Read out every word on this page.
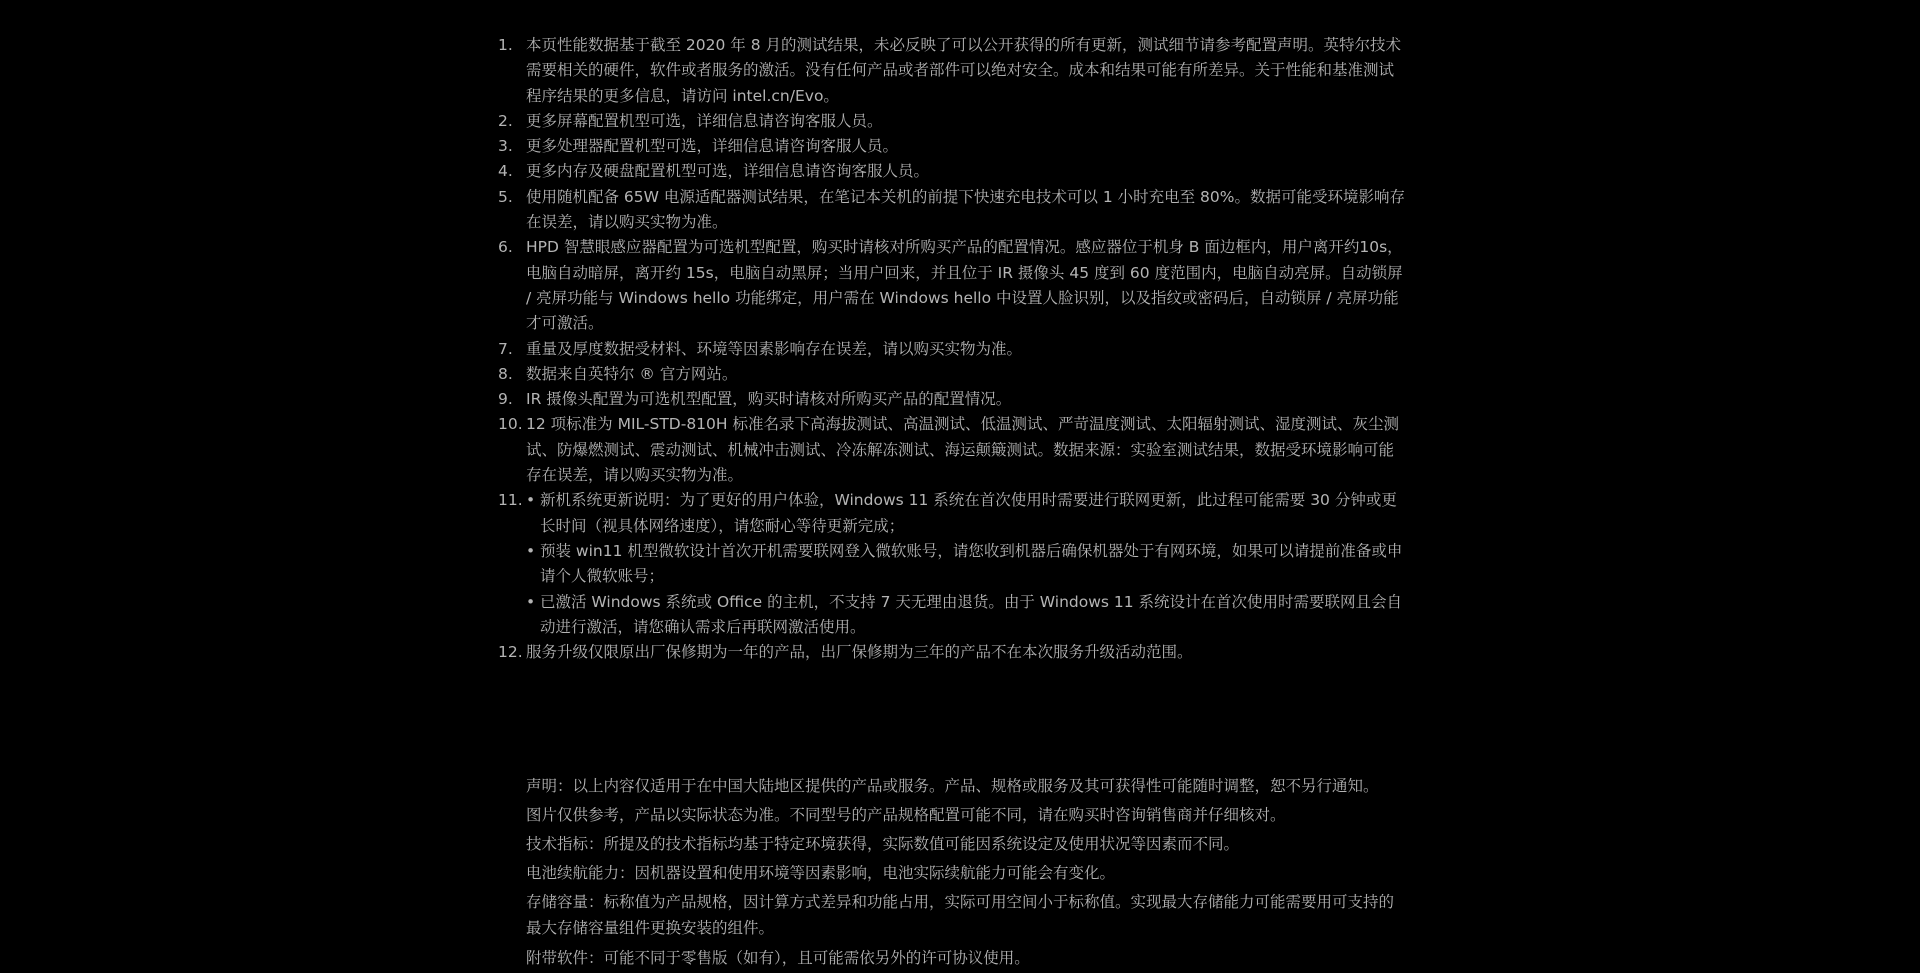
1. 本页性能数据基于截至 2020 年 8 月的测试结果，未必反映了可以公开获得的所有更新，测试细节请参考配置声明。英特尔技术需要相关的硬件，软件或者服务的激活。没有任何产品或者部件可以绝对安全。成本和结果可能有所差异。关于性能和基准测试程序结果的更多信息，请访问 intel.cn/Evo。
2. 更多屏幕配置机型可选，详细信息请咨询客服人员。
3. 更多处理器配置机型可选，详细信息请咨询客服人员。
4. 更多内存及硬盘配置机型可选，详细信息请咨询客服人员。
5. 使用随机配备 65W 电源适配器测试结果，在笔记本关机的前提下快速充电技术可以 1 小时充电至 80%。数据可能受环境影响存在误差，请以购买实物为准。
6. HPD 智慧眼感应器配置为可选机型配置，购买时请核对所购买产品的配置情况。感应器位于机身 B 面边框内，用户离开约10s，电脑自动暗屏，离开约 15s，电脑自动黑屏；当用户回来，并且位于 IR 摄像头 45 度到 60 度范围内，电脑自动亮屏。自动锁屏 / 亮屏功能与 Windows hello 功能绑定，用户需在 Windows hello 中设置人脸识别，以及指纹或密码后，自动锁屏 / 亮屏功能才可激活。
7. 重量及厚度数据受材料、环境等因素影响存在误差，请以购买实物为准。
8. 数据来自英特尔 ® 官方网站。
9. IR 摄像头配置为可选机型配置，购买时请核对所购买产品的配置情况。
10. 12 项标准为 MIL-STD-810H 标准名录下高海拔测试、高温测试、低温测试、严苛温度测试、太阳辐射测试、湿度测试、灰尘测试、防爆燃测试、震动测试、机械冲击测试、冷冻解冻测试、海运颠簸测试。数据来源：实验室测试结果，数据受环境影响可能存在误差，请以购买实物为准。
11. • 新机系统更新说明：为了更好的用户体验，Windows 11 系统在首次使用时需要进行联网更新，此过程可能需要 30 分钟或更长时间（视具体网络速度），请您耐心等待更新完成；
• 预装 win11 机型微软设计首次开机需要联网登入微软账号，请您收到机器后确保机器处于有网环境，如果可以请提前准备或申请个人微软账号；
• 已激活 Windows 系统或 Office 的主机，不支持 7 天无理由退货。由于 Windows 11 系统设计在首次使用时需要联网且会自动进行激活，请您确认需求后再联网激活使用。
12. 服务升级仅限原出厂保修期为一年的产品，出厂保修期为三年的产品不在本次服务升级活动范围。

声明：以上内容仅适用于在中国大陆地区提供的产品或服务。产品、规格或服务及其可获得性可能随时调整，恕不另行通知。

图片仅供参考，产品以实际状态为准。不同型号的产品规格配置可能不同，请在购买时咨询销售商并仔细核对。

技术指标：所提及的技术指标均基于特定环境获得，实际数值可能因系统设定及使用状况等因素而不同。

电池续航能力：因机器设置和使用环境等因素影响，电池实际续航能力可能会有变化。

存储容量：标称值为产品规格，因计算方式差异和功能占用，实际可用空间小于标称值。实现最大存储能力可能需要用可支持的最大存储容量组件更换安装的组件。

附带软件：可能不同于零售版（如有），且可能需依另外的许可协议使用。
